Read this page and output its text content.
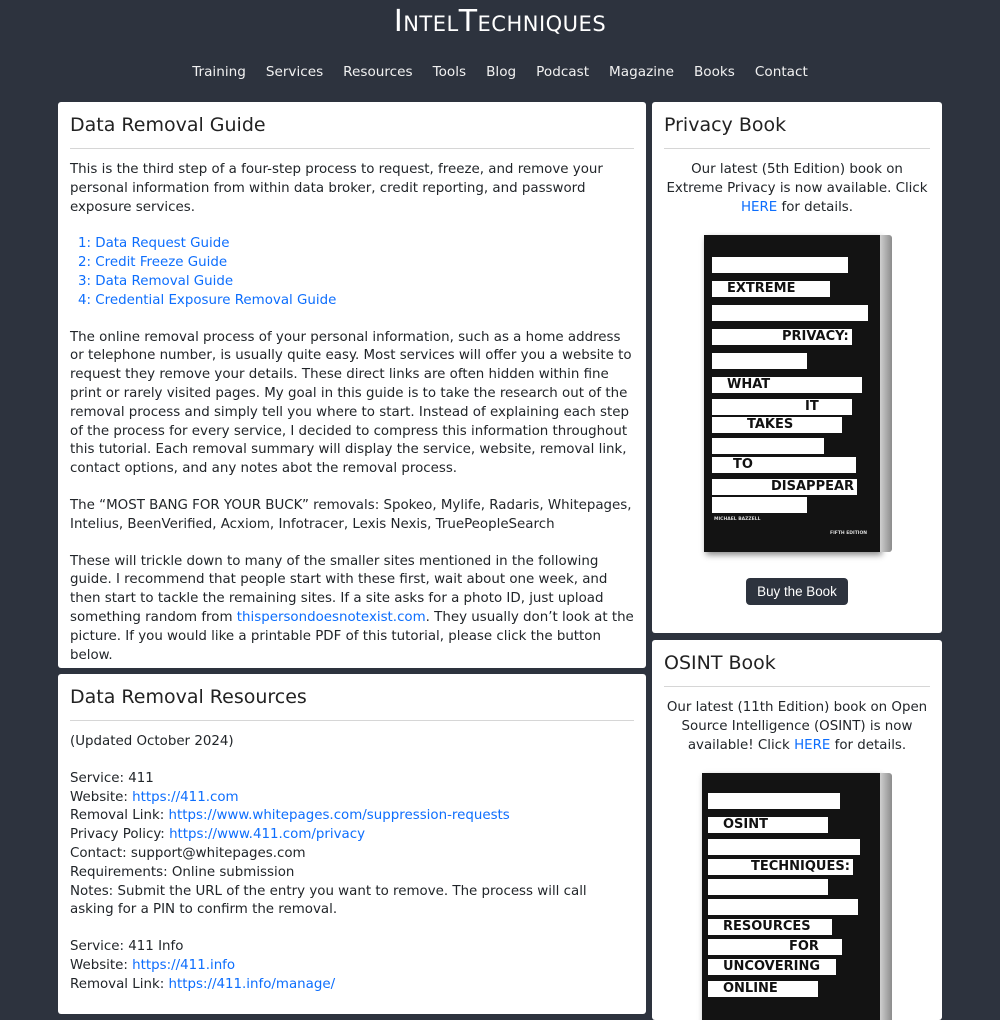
IntelTechniques
Training	Services	Resources	Tools	Blog	Podcast	Magazine	Books	Contact
Data Removal Guide

This is the third step of a four-step process to request, freeze, and remove your personal information from within data broker, credit reporting, and password exposure services.

1: Data Request Guide
2: Credit Freeze Guide
3: Data Removal Guide
4: Credential Exposure Removal Guide

The online removal process of your personal information, such as a home address or telephone number, is usually quite easy. Most services will offer you a website to request they remove your details. These direct links are often hidden within fine print or rarely visited pages. My goal in this guide is to take the research out of the removal process and simply tell you where to start. Instead of explaining each step of the process for every service, I decided to compress this information throughout this tutorial. Each removal summary will display the service, website, removal link, contact options, and any notes abot the removal process.

The “MOST BANG FOR YOUR BUCK” removals: Spokeo, Mylife, Radaris, Whitepages, Intelius, BeenVerified, Acxiom, Infotracer, Lexis Nexis, TruePeopleSearch

These will trickle down to many of the smaller sites mentioned in the following guide. I recommend that people start with these first, wait about one week, and then start to tackle the remaining sites. If a site asks for a photo ID, just upload something random from thispersondoesnotexist.com. They usually don’t look at the picture. If you would like a printable PDF of this tutorial, please click the button below.

Data Removal Resources

(Updated October 2024)

Service: 411
Website: https://411.com
Removal Link: https://www.whitepages.com/suppression-requests
Privacy Policy: https://www.411.com/privacy
Contact: support@whitepages.com
Requirements: Online submission
Notes: Submit the URL of the entry you want to remove. The process will call asking for a PIN to confirm the removal.
Service: 411 Info
Website: https://411.info
Removal Link: https://411.info/manage/
Privacy Book

Our latest (5th Edition) book on Extreme Privacy is now available. Click HERE for details.

EXTREME
PRIVACY:
WHAT
IT
TAKES
TO
DISAPPEAR
MICHAEL BAZZELL
FIFTH EDITION
Buy the Book
OSINT Book

Our latest (11th Edition) book on Open Source Intelligence (OSINT) is now available! Click HERE for details.

OSINT
TECHNIQUES:
RESOURCES
FOR
UNCOVERING
ONLINE
